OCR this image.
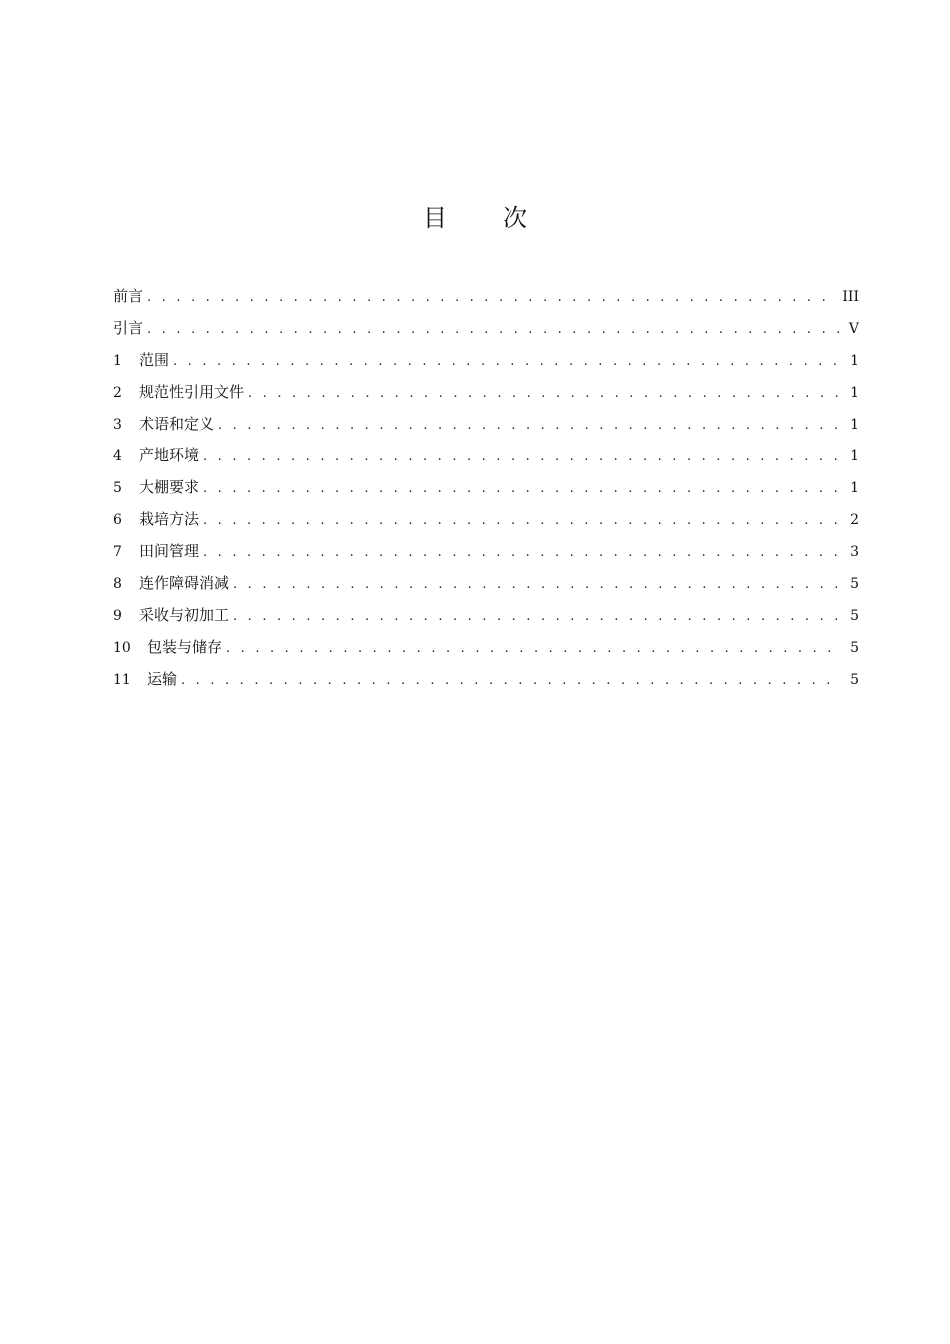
目 次
前言 . . .	III
引言 . . .	V
1	范围 . . .	1
2	规范性引用文件 . . .	1
3	术语和定义 . . .	1
4	产地环境 . . .	1
5	大棚要求 . . .	1
6	栽培方法 . . .	2
7	田间管理 . . .	3
8	连作障碍消减 . . .	5
9	采收与初加工 . . .	5
10	包装与储存 . . .	5
11	运输 . . .	5
